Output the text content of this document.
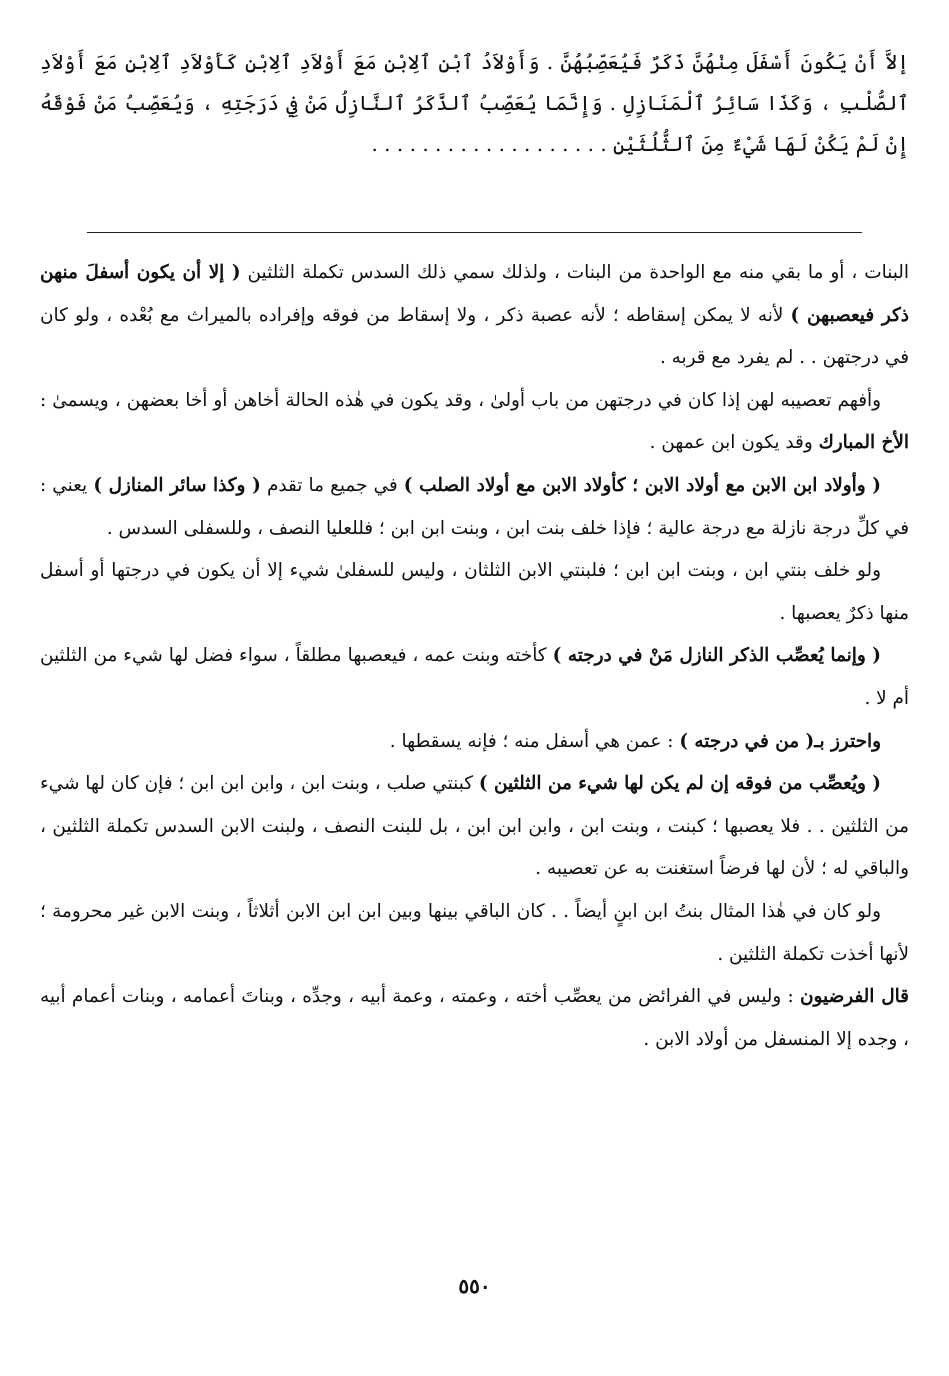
إلاَّ أَنْ يَكُونَ أَسْفَلَ مِنْهُنَّ ذَكَرٌ فَيُعَصِّبُهُنَّ . وَأَوْلاَدُ ٱبْنِ ٱلِابْنِ مَعَ أَوْلاَدِ ٱلِابْنِ كَأَوْلاَدِ ٱلِابْنِ مَعَ أَوْلاَدِ ٱلصُّلْبِ ، وَكَذَا سَائِرُ ٱلْمَنَازِلِ . وَإِنَّمَا يُعَصِّبُ ٱلذَّكَرُ ٱلنَّازِلُ مَنْ فِي دَرَجَتِهِ ، وَيُعَصِّبُ مَنْ فَوْقَهُ إِنْ لَمْ يَكُنْ لَهَا شَيْءٌ مِنَ ٱلثُّلُثَيْنِ . . . . . . . . . . . . . . . . . . .

البنات ، أو ما بقي منه مع الواحدة من البنات ، ولذلك سمي ذلك السدس تكملة الثلثين ( إلا أن يكون أسفلَ منهن ذكر فيعصبهن ) لأنه لا يمكن إسقاطه ؛ لأنه عصبة ذكر ، ولا إسقاط من فوقه وإفراده بالميراث مع بُعْده ، ولو كان في درجتهن . . لم يفرد مع قربه .

وأفهم تعصيبه لهن إذا كان في درجتهن من باب أولىٰ ، وقد يكون في هٰذه الحالة أخاهن أو أخا بعضهن ، ويسمىٰ : الأخ المبارك وقد يكون ابن عمهن .

( وأولاد ابن الابن مع أولاد الابن ؛ كأولاد الابن مع أولاد الصلب ) في جميع ما تقدم ( وكذا سائر المنازل ) يعني : في كلِّ درجة نازلة مع درجة عالية ؛ فإذا خلف بنت ابن ، وبنت ابن ابن ؛ فللعليا النصف ، وللسفلى السدس .

ولو خلف بنتي ابن ، وبنت ابن ابن ؛ فلبنتي الابن الثلثان ، وليس للسفلىٰ شيء إلا أن يكون في درجتها أو أسفل منها ذكرٌ يعصبها .

( وإنما يُعصِّب الذكر النازل مَنْ في درجته ) كأخته وبنت عمه ، فيعصبها مطلقاً ، سواء فضل لها شيء من الثلثين أم لا .

واحترز بـ( من في درجته ) : عمن هي أسفل منه ؛ فإنه يسقطها .

( ويُعصِّب من فوقه إن لم يكن لها شيء من الثلثين ) كبنتي صلب ، وبنت ابن ، وابن ابن ابن ؛ فإن كان لها شيء من الثلثين . . فلا يعصبها ؛ كبنت ، وبنت ابن ، وابن ابن ابن ، بل للبنت النصف ، ولبنت الابن السدس تكملة الثلثين ، والباقي له ؛ لأن لها فرضاً استغنت به عن تعصيبه .

ولو كان في هٰذا المثال بنتُ ابن ابنٍ أيضاً . . كان الباقي بينها وبين ابن ابن الابن أثلاثاً ، وبنت الابن غير محرومة ؛ لأنها أخذت تكملة الثلثين .

قال الفرضيون : وليس في الفرائض من يعصِّب أخته ، وعمته ، وعمة أبيه ، وجدِّه ، وبناتَ أعمامه ، وبنات أعمام أبيه ، وجده إلا المنسفل من أولاد الابن .

٥٥٠
